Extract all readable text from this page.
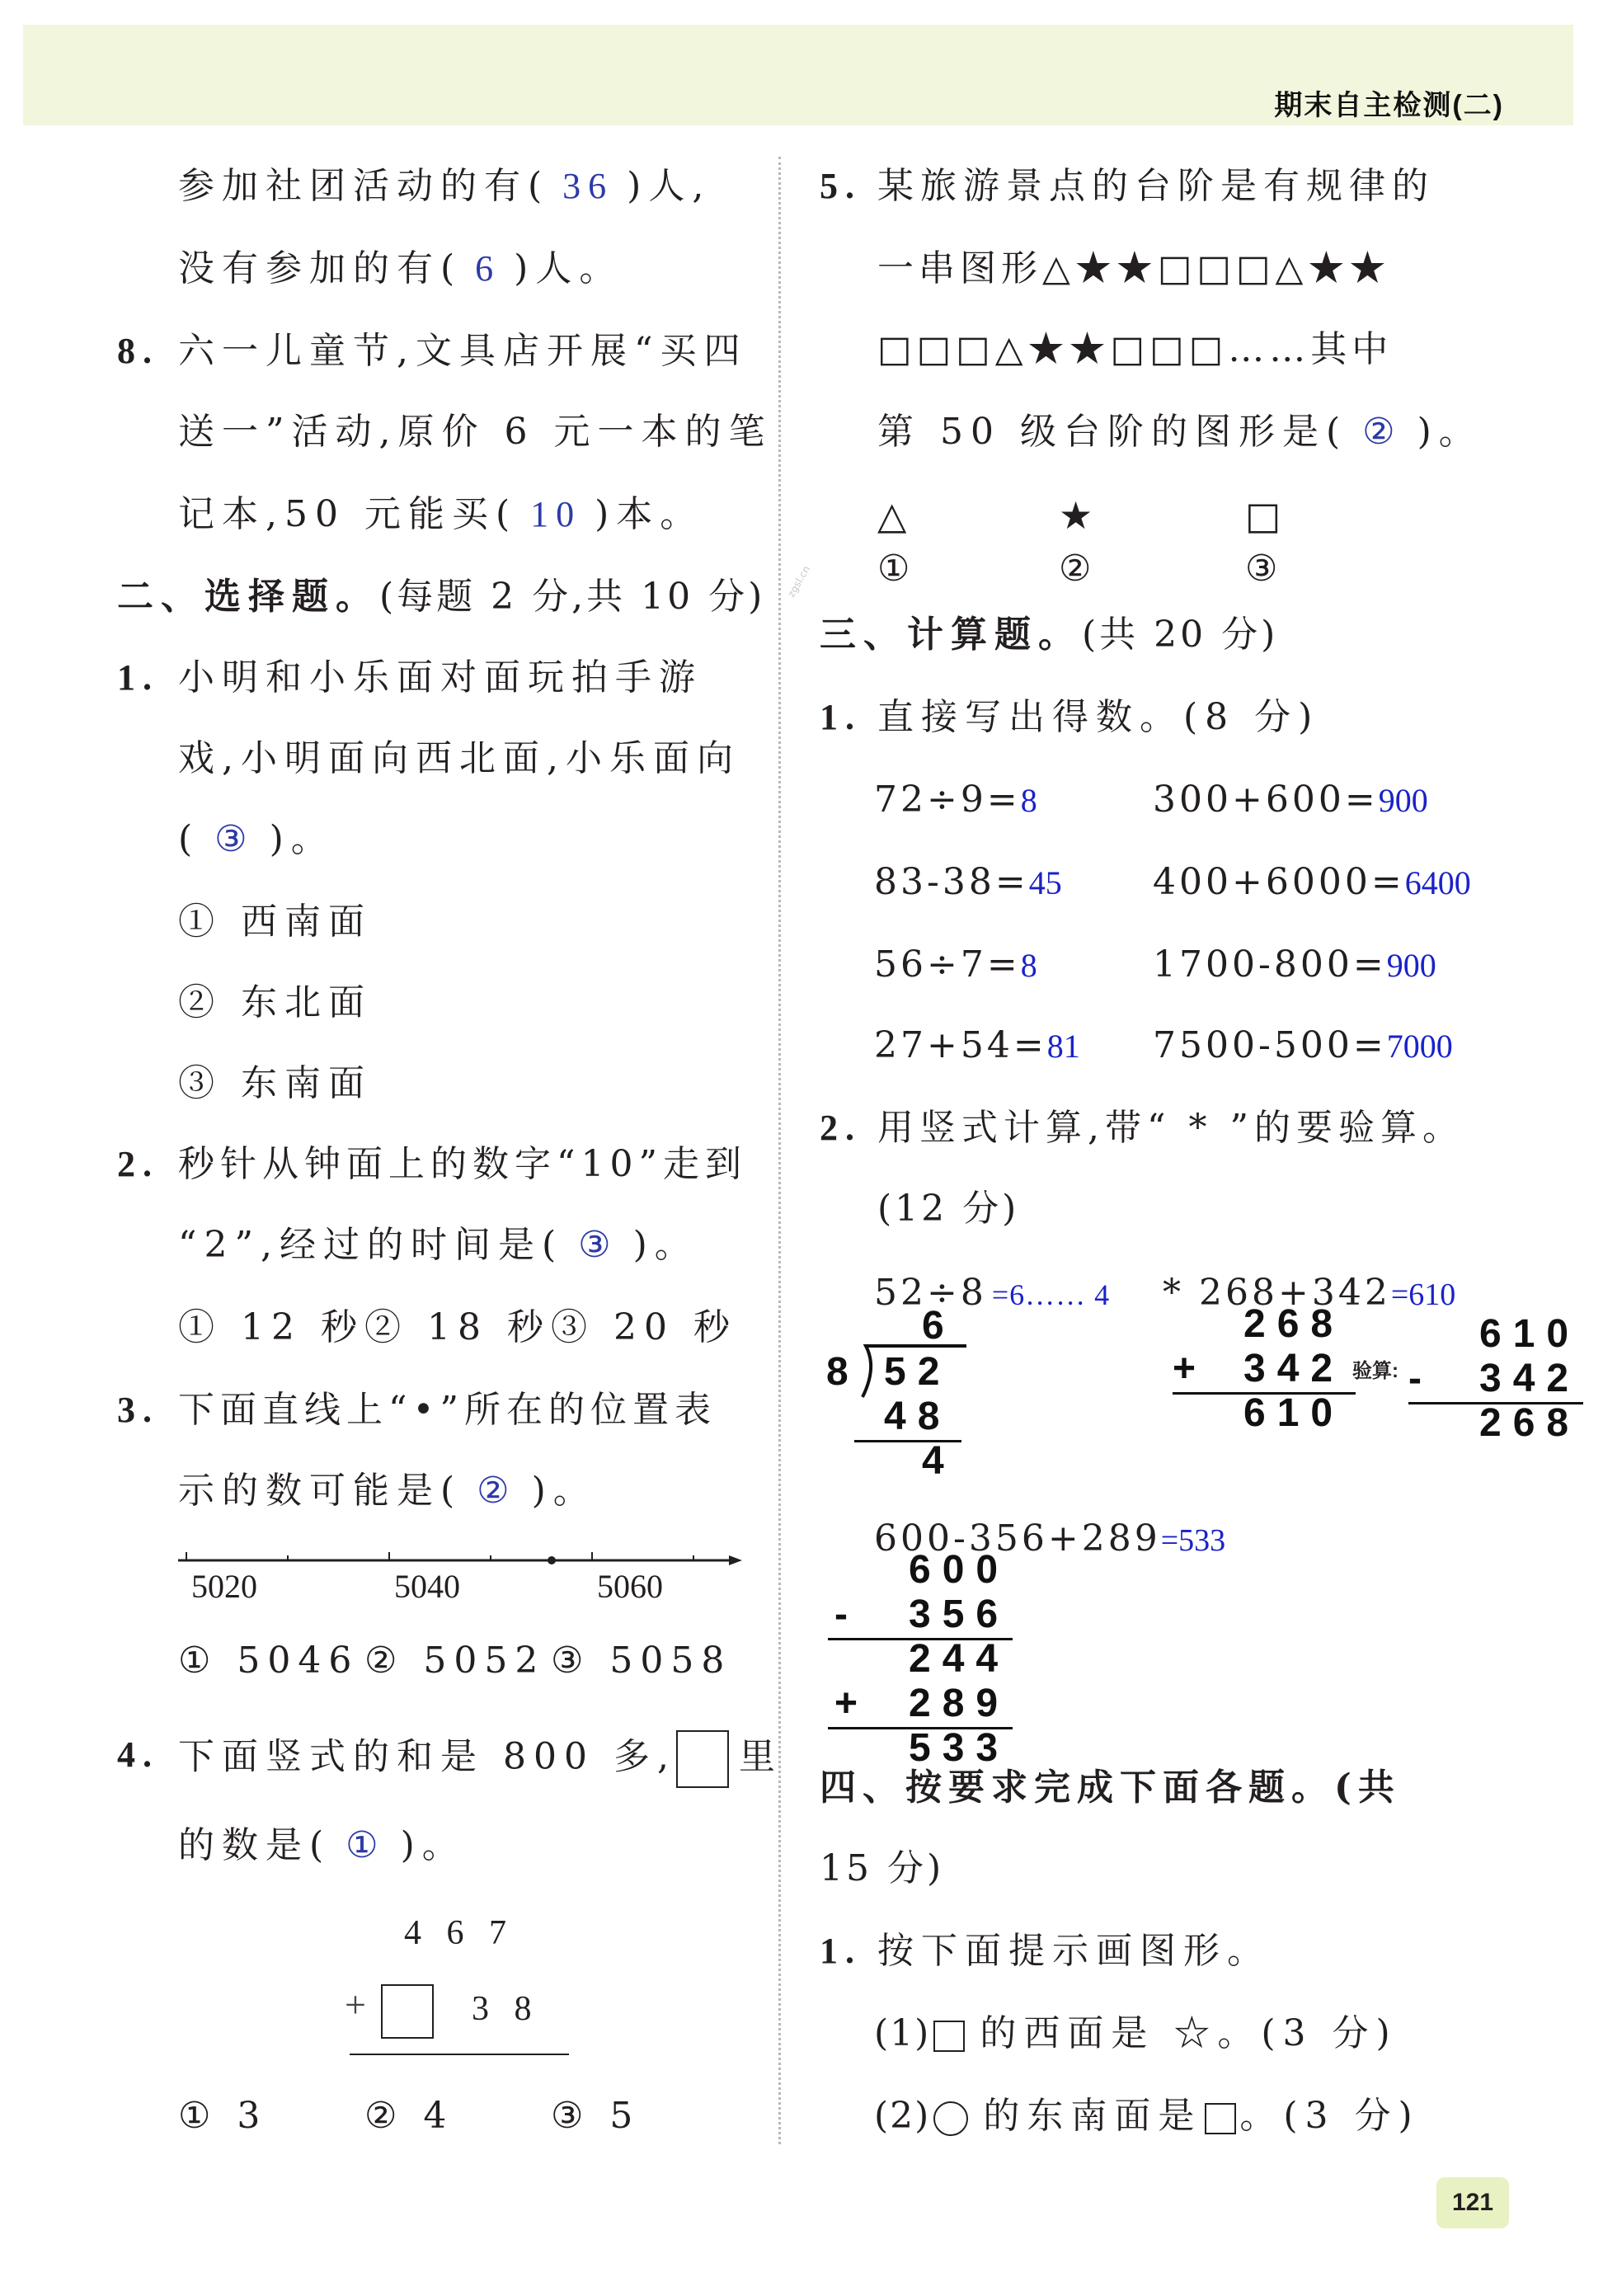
期末自主检测(二)
zgsl.cn
参加社团活动的有( 36 )人,
没有参加的有( 6 )人。
8. 六一儿童节,文具店开展“买四
送一”活动,原价 6 元一本的笔
记本,50 元能买( 10 )本。
二、选择题。(每题 2 分,共 10 分)
1. 小明和小乐面对面玩拍手游
戏,小明面向西北面,小乐面向
( ③ )。
① 西南面
② 东北面
③ 东南面
2. 秒针从钟面上的数字“10”走到
“2”,经过的时间是( ③ )。
① 12 秒 ② 18 秒 ③ 20 秒
3. 下面直线上“•”所在的位置表
示的数可能是( ② )。
5020	5040	5060
① 5046 ② 5052 ③ 5058
4. 下面竖式的和是 800 多, 里
的数是( ① )。
4 6 7
+	3 8
① 3	② 4	③ 5
5. 某旅游景点的台阶是有规律的
一串图形△★★□□□△★★
□□□△★★□□□……其中
第 50 级台阶的图形是( ② )。
△	★	□
①	②	③
三、计算题。(共 20 分)
1. 直接写出得数。(8 分)
72÷9=8	300+600=900
83-38=45	400+6000=6400
56÷7=8	1700-800=900
27+54=81 7500-500=7000
2. 用竖式计算,带“ * ”的要验算。
(12 分)
52÷8 =6…… 4
6
8 52
48
4
* 268+342=610
268
+ 342
610
验算:
610
- 342
268
600-356+289=533
600
- 356
244
+ 289
533
四、按要求完成下面各题。(共
15 分)
1. 按下面提示画图形。
(1) 的西面是 ☆。(3 分)
(2) 的东南面是 。(3 分)
121
